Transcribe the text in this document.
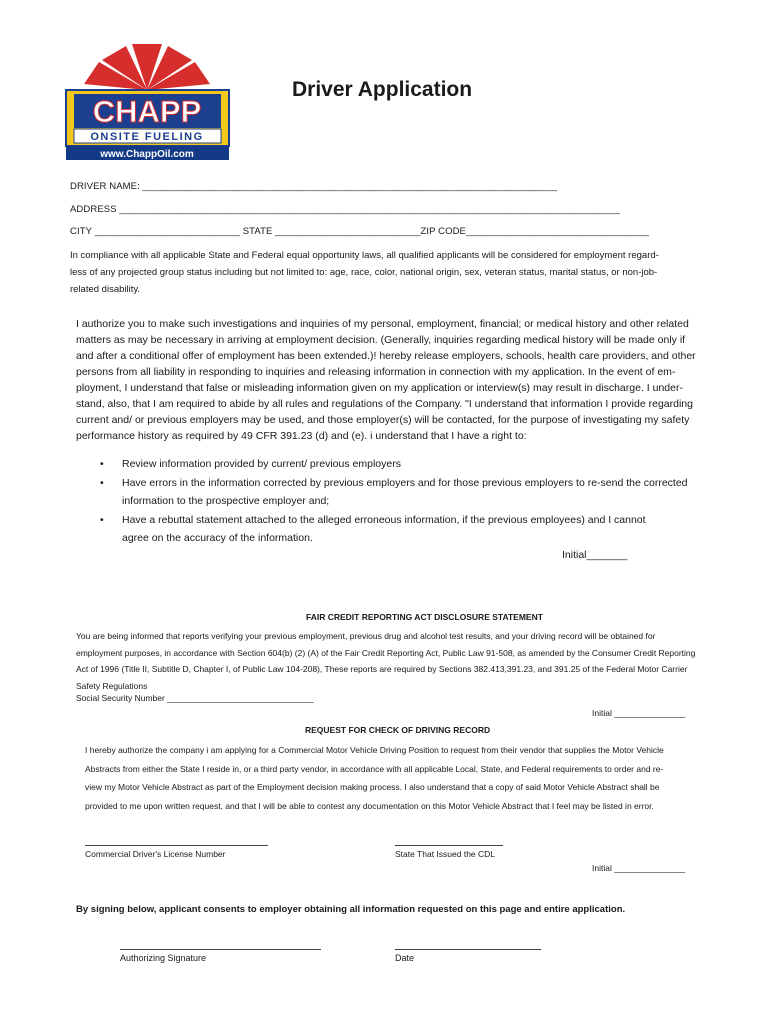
CHAPP
ONSITE FUELING
www.ChappOil.com
Driver Application
DRIVER NAME: _____________________________________________________________________________
ADDRESS _____________________________________________________________________________________________
CITY ___________________________ STATE ___________________________ZIP CODE__________________________________
In compliance with all applicable State and Federal equal opportunity laws, all qualified applicants will be considered for employment regard-
less of any projected group status including but not limited to: age, race, color, national origin, sex, veteran status, marital status, or non-job-
related disability.
I authorize you to make such investigations and inquiries of my personal, employment, financial; or medical history and other related
matters as may be necessary in arriving at employment decision. (Generally, inquiries regarding medical history will be made only if
and after a conditional offer of employment has been extended.)! hereby release employers, schools, health care providers, and other
persons from all liability in responding to inquiries and releasing information in connection with my application. In the event of em-
ployment, I understand that false or misleading information given on my application or interview(s) may result in discharge. I under-
stand, also, that I am required to abide by all rules and regulations of the Company. "I understand that information I provide regarding
current and/ or previous employers may be used, and those employer(s) will be contacted, for the purpose of investigating my safety
performance history as required by 49 CFR 391.23 (d) and (e). i understand that I have a right to:
• Review information provided by current/ previous employers
• Have errors in the information corrected by previous employers and for those previous employers to re-send the corrected
information to the prospective employer and;
• Have a rebuttal statement attached to the alleged erroneous information, if the previous employees) and I cannot
agree on the accuracy of the information.
Initial_______
FAIR CREDIT REPORTING ACT DISCLOSURE STATEMENT
You are being informed that reports verifying your previous employment, previous drug and alcohol test results, and your driving record will be obtained for
employment purposes, in accordance with Section 604(b) (2) (A) of the Fair Credit Reporting Act, Public Law 91-508, as amended by the Consumer Credit Reporting
Act of 1996 (Title II, Subtitle D, Chapter I, of Public Law 104-208), These reports are required by Sections 382.413,391.23, and 391.25 of the Federal Motor Carrier
Safety Regulations
Social Security Number _______________________________
Initial _______________
REQUEST FOR CHECK OF DRIVING RECORD
I hereby authorize the company i am applying for a Commercial Motor Vehicle Driving Position to request from their vendor that supplies the Motor Vehicle
Abstracts from either the State I reside in, or a third party vendor, in accordance with all applicable Local, State, and Federal requirements to order and re-
view my Motor Vehicle Abstract as part of the Employment decision making process. I also understand that a copy of said Motor Vehicle Abstract shall be
provided to me upon written request, and that I will be able to contest any documentation on this Motor Vehicle Abstract that I feel may be listed in error.
Commercial Driver's License Number	State That Issued the CDL
Initial _______________
By signing below, applicant consents to employer obtaining all information requested on this page and entire application.
Authorizing Signature	Date
